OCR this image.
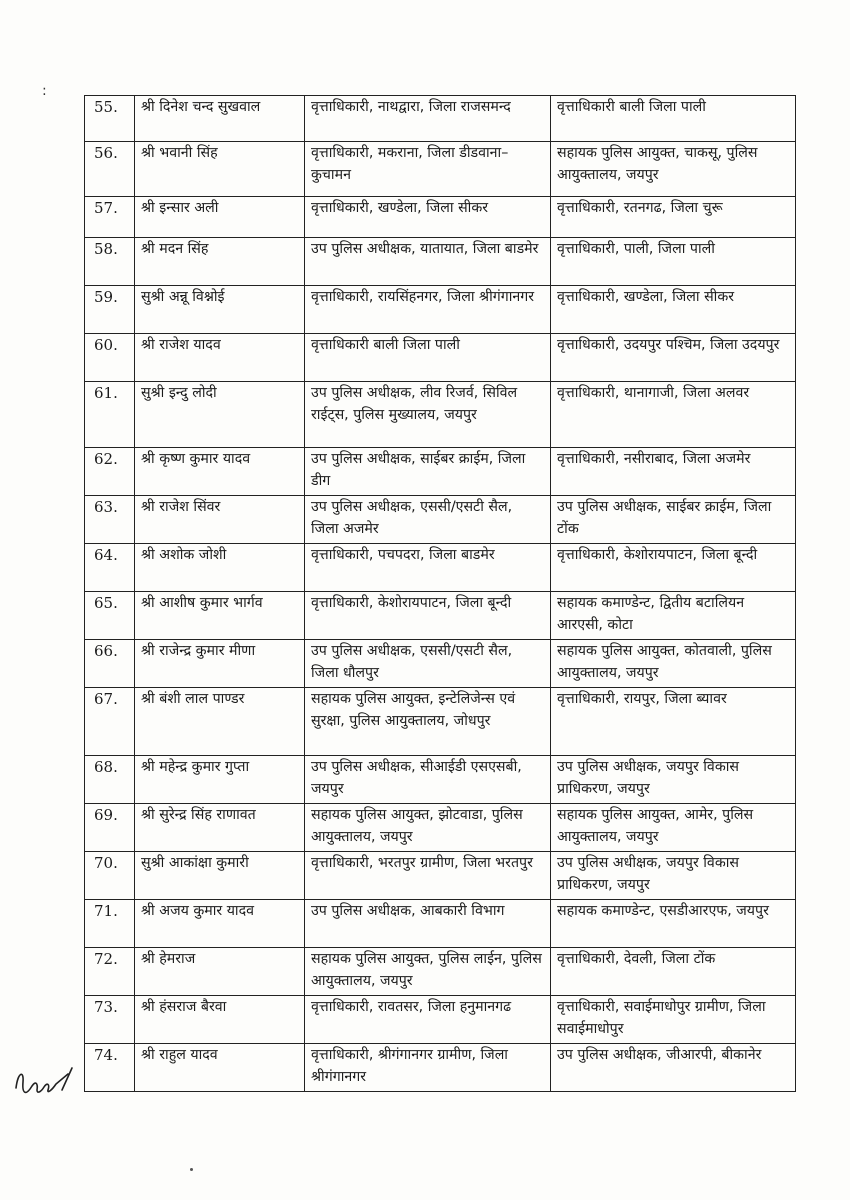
:
55.	श्री दिनेश चन्द सुखवाल	वृत्ताधिकारी, नाथद्वारा, जिला राजसमन्द	वृत्ताधिकारी बाली जिला पाली
56.	श्री भवानी सिंह	वृत्ताधिकारी, मकराना, जिला डीडवाना–कुचामन	सहायक पुलिस आयुक्त, चाकसू, पुलिस आयुक्तालय, जयपुर
57.	श्री इन्सार अली	वृत्ताधिकारी, खण्डेला, जिला सीकर	वृत्ताधिकारी, रतनगढ, जिला चुरू
58.	श्री मदन सिंह	उप पुलिस अधीक्षक, यातायात, जिला बाडमेर	वृत्ताधिकारी, पाली, जिला पाली
59.	सुश्री अन्नू विश्नोई	वृत्ताधिकारी, रायसिंहनगर, जिला श्रीगंगानगर	वृत्ताधिकारी, खण्डेला, जिला सीकर
60.	श्री राजेश यादव	वृत्ताधिकारी बाली जिला पाली	वृत्ताधिकारी, उदयपुर पश्चिम, जिला उदयपुर
61.	सुश्री इन्दु लोदी	उप पुलिस अधीक्षक, लीव रिजर्व, सिविल राईट्स, पुलिस मुख्यालय, जयपुर	वृत्ताधिकारी, थानागाजी, जिला अलवर
62.	श्री कृष्ण कुमार यादव	उप पुलिस अधीक्षक, साईबर क्राईम, जिला डीग	वृत्ताधिकारी, नसीराबाद, जिला अजमेर
63.	श्री राजेश सिंवर	उप पुलिस अधीक्षक, एससी/एसटी सैल, जिला अजमेर	उप पुलिस अधीक्षक, साईबर क्राईम, जिला टोंक
64.	श्री अशोक जोशी	वृत्ताधिकारी, पचपदरा, जिला बाडमेर	वृत्ताधिकारी, केशोरायपाटन, जिला बून्दी
65.	श्री आशीष कुमार भार्गव	वृत्ताधिकारी, केशोरायपाटन, जिला बून्दी	सहायक कमाण्डेन्ट, द्वितीय बटालियन आरएसी, कोटा
66.	श्री राजेन्द्र कुमार मीणा	उप पुलिस अधीक्षक, एससी/एसटी सैल, जिला धौलपुर	सहायक पुलिस आयुक्त, कोतवाली, पुलिस आयुक्तालय, जयपुर
67.	श्री बंशी लाल पाण्डर	सहायक पुलिस आयुक्त, इन्टेलिजेन्स एवं सुरक्षा, पुलिस आयुक्तालय, जोधपुर	वृत्ताधिकारी, रायपुर, जिला ब्यावर
68.	श्री महेन्द्र कुमार गुप्ता	उप पुलिस अधीक्षक, सीआईडी एसएसबी, जयपुर	उप पुलिस अधीक्षक, जयपुर विकास प्राधिकरण, जयपुर
69.	श्री सुरेन्द्र सिंह राणावत	सहायक पुलिस आयुक्त, झोटवाडा, पुलिस आयुक्तालय, जयपुर	सहायक पुलिस आयुक्त, आमेर, पुलिस आयुक्तालय, जयपुर
70.	सुश्री आकांक्षा कुमारी	वृत्ताधिकारी, भरतपुर ग्रामीण, जिला भरतपुर	उप पुलिस अधीक्षक, जयपुर विकास प्राधिकरण, जयपुर
71.	श्री अजय कुमार यादव	उप पुलिस अधीक्षक, आबकारी विभाग	सहायक कमाण्डेन्ट, एसडीआरएफ, जयपुर
72.	श्री हेमराज	सहायक पुलिस आयुक्त, पुलिस लाईन, पुलिस आयुक्तालय, जयपुर	वृत्ताधिकारी, देवली, जिला टोंक
73.	श्री हंसराज बैरवा	वृत्ताधिकारी, रावतसर, जिला हनुमानगढ	वृत्ताधिकारी, सवाईमाधोपुर ग्रामीण, जिला सवाईमाधोपुर
74.	श्री राहुल यादव	वृत्ताधिकारी, श्रीगंगानगर ग्रामीण, जिला श्रीगंगानगर	उप पुलिस अधीक्षक, जीआरपी, बीकानेर
